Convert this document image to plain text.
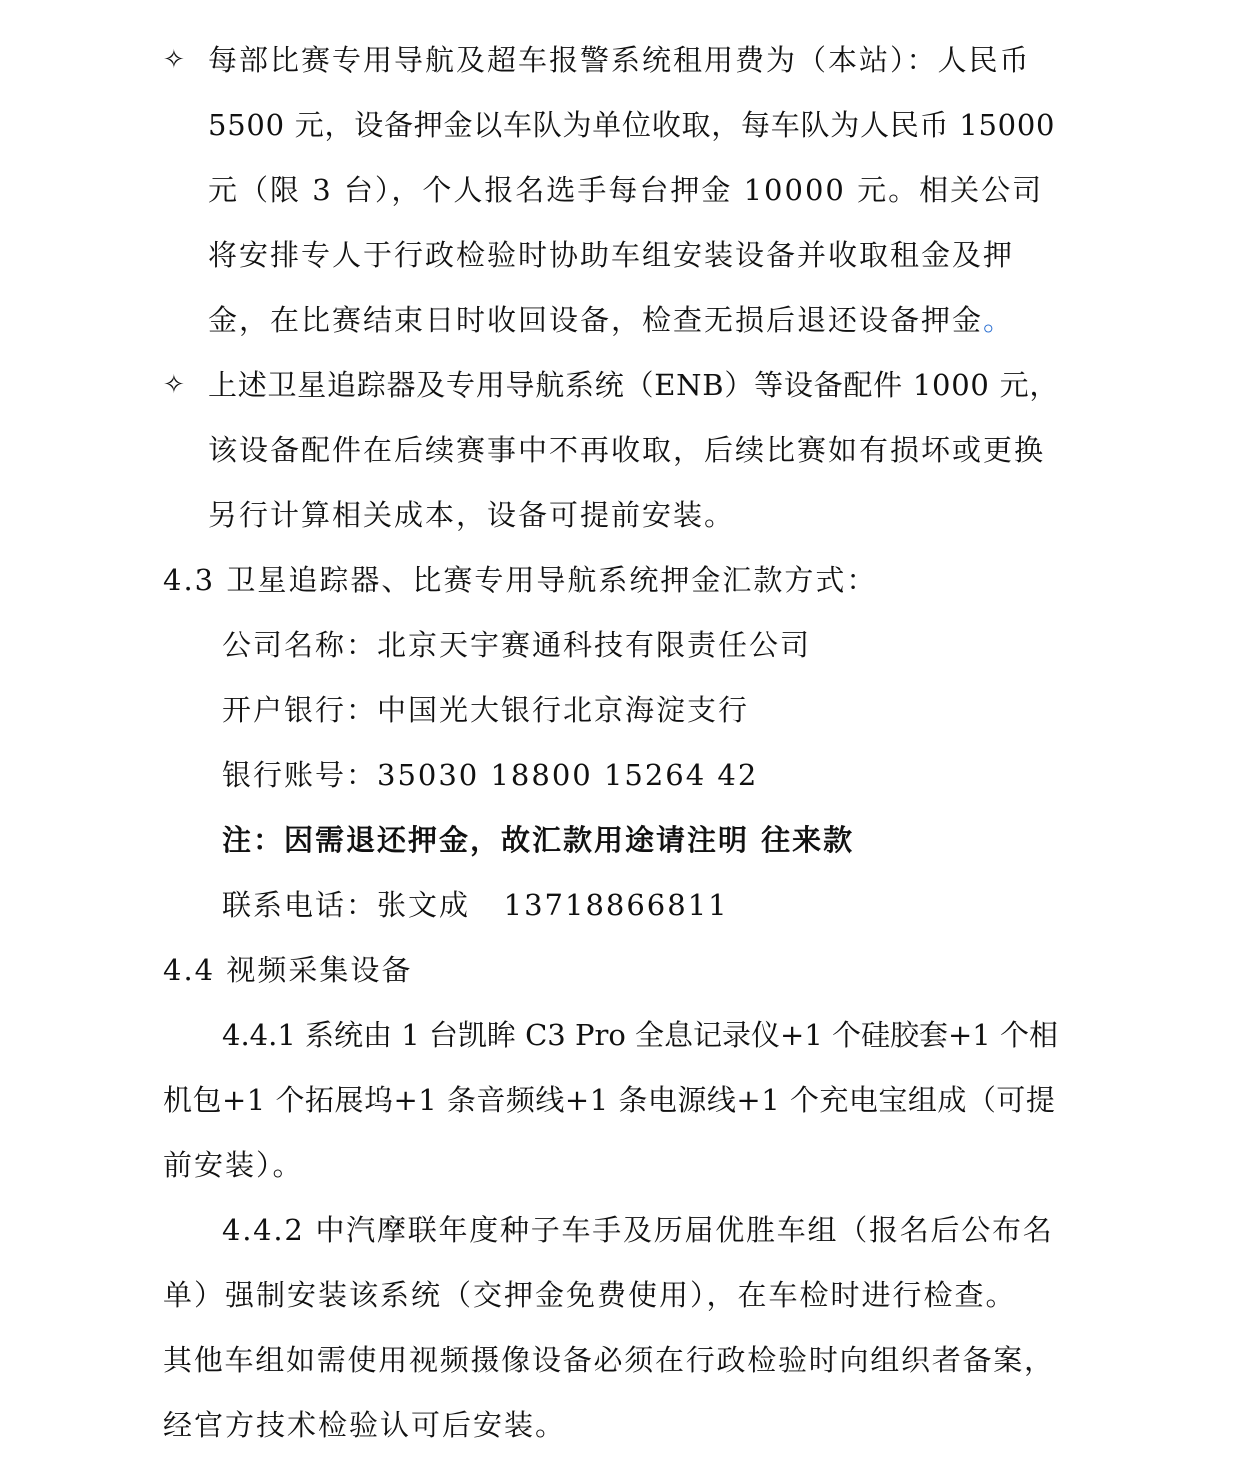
✧ 每部比赛专用导航及超车报警系统租用费为（本站）：人民币
5500 元，设备押金以车队为单位收取，每车队为人民币 15000
元（限 3 台），个人报名选手每台押金 10000 元。相关公司
将安排专人于行政检验时协助车组安装设备并收取租金及押
金，在比赛结束日时收回设备，检查无损后退还设备押金。
✧ 上述卫星追踪器及专用导航系统（ENB）等设备配件 1000 元，
该设备配件在后续赛事中不再收取，后续比赛如有损坏或更换
另行计算相关成本，设备可提前安装。
4.3 卫星追踪器、比赛专用导航系统押金汇款方式：
公司名称：北京天宇赛通科技有限责任公司
开户银行：中国光大银行北京海淀支行
银行账号：35030 18800 15264 42
注：因需退还押金，故汇款用途请注明 往来款
联系电话：张文成   13718866811
4.4 视频采集设备
4.4.1 系统由 1 台凯眸 C3 Pro 全息记录仪+1 个硅胶套+1 个相
机包+1 个拓展坞+1 条音频线+1 条电源线+1 个充电宝组成（可提
前安装）。
4.4.2 中汽摩联年度种子车手及历届优胜车组（报名后公布名
单）强制安装该系统（交押金免费使用），在车检时进行检查。
其他车组如需使用视频摄像设备必须在行政检验时向组织者备案，
经官方技术检验认可后安装。
